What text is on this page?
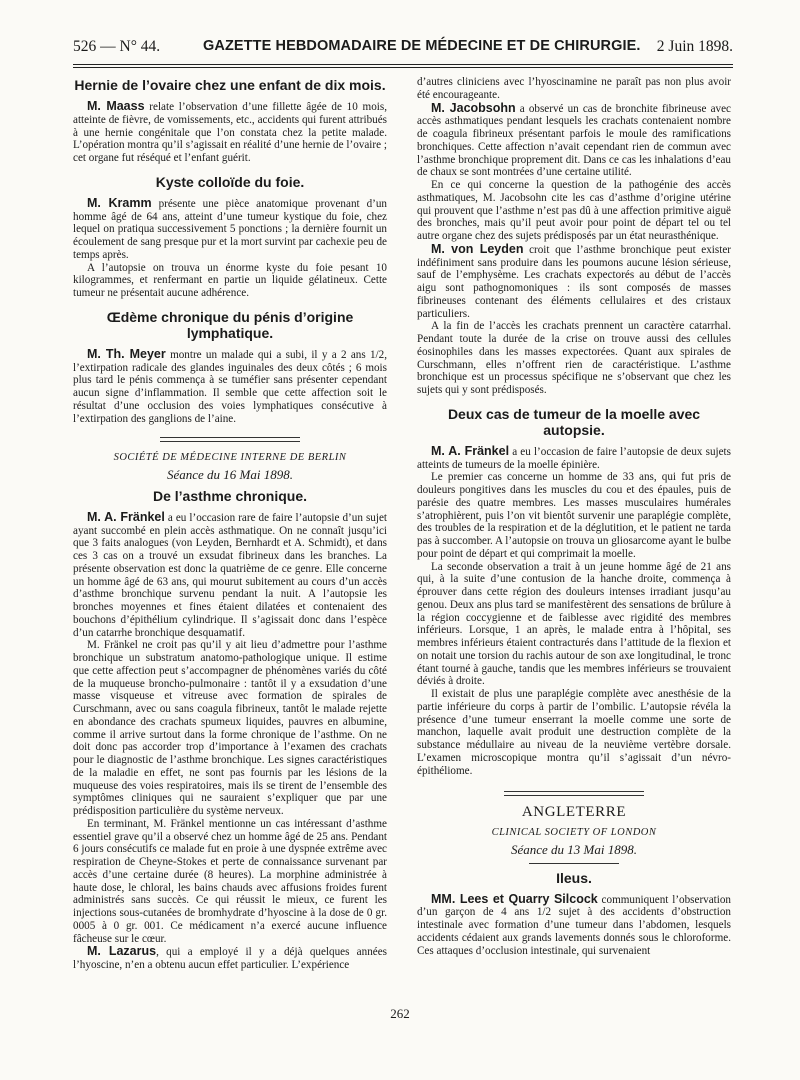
526 — N° 44.	GAZETTE HEBDOMADAIRE DE MÉDECINE ET DE CHIRURGIE. 2 Juin 1898.
Hernie de l’ovaire chez une enfant de dix mois.

M. Maass relate l’observation d’une fillette âgée de 10 mois, atteinte de fièvre, de vomissements, etc., accidents qui furent attribués à une hernie congénitale que l’on constata chez la petite malade. L’opération montra qu’il s’agissait en réalité d’une hernie de l’ovaire ; cet organe fut réséqué et l’enfant guérit.

Kyste colloïde du foie.

M. Kramm présente une pièce anatomique provenant d’un homme âgé de 64 ans, atteint d’une tumeur kystique du foie, chez lequel on pratiqua successivement 5 ponctions ; la dernière fournit un écoulement de sang presque pur et la mort survint par cachexie peu de temps après.

A l’autopsie on trouva un énorme kyste du foie pesant 10 kilogrammes, et renfermant en partie un liquide gélatineux. Cette tumeur ne présentait aucune adhérence.

Œdème chronique du pénis d’origine lymphatique.

M. Th. Meyer montre un malade qui a subi, il y a 2 ans 1/2, l’extirpation radicale des glandes inguinales des deux côtés ; 6 mois plus tard le pénis commença à se tuméfier sans présenter cependant aucun signe d’inflammation. Il semble que cette affection soit le résultat d’une occlusion des voies lymphatiques consécutive à l’extirpation des ganglions de l’aine.

SOCIÉTÉ DE MÉDECINE INTERNE DE BERLIN
Séance du 16 Mai 1898.
De l’asthme chronique.

M. A. Fränkel a eu l’occasion rare de faire l’autopsie d’un sujet ayant succombé en plein accès asthmatique. On ne connaît jusqu’ici que 3 faits analogues (von Leyden, Bernhardt et A. Schmidt), et dans ces 3 cas on a trouvé un exsudat fibrineux dans les branches. La présente observation est donc la quatrième de ce genre. Elle concerne un homme âgé de 63 ans, qui mourut subitement au cours d’un accès d’asthme bronchique survenu pendant la nuit. A l’autopsie les bronches moyennes et fines étaient dilatées et contenaient des bouchons d’épithélium cylindrique. Il s’agissait donc dans l’espèce d’un catarrhe bronchique desquamatif.

M. Fränkel ne croit pas qu’il y ait lieu d’admettre pour l’asthme bronchique un substratum anatomo-pathologique unique. Il estime que cette affection peut s’accompagner de phénomènes variés du côté de la muqueuse broncho-pulmonaire : tantôt il y a exsudation d’une masse visqueuse et vitreuse avec formation de spirales de Curschmann, avec ou sans coagula fibrineux, tantôt le malade rejette en abondance des crachats spumeux liquides, pauvres en albumine, comme il arrive surtout dans la forme chronique de l’asthme. On ne doit donc pas accorder trop d’importance à l’examen des crachats pour le diagnostic de l’asthme bronchique. Les signes caractéristiques de la maladie en effet, ne sont pas fournis par les lésions de la muqueuse des voies respiratoires, mais ils se tirent de l’ensemble des symptômes cliniques qui ne sauraient s’expliquer que par une prédisposition particulière du système nerveux.

En terminant, M. Fränkel mentionne un cas intéressant d’asthme essentiel grave qu’il a observé chez un homme âgé de 25 ans. Pendant 6 jours consécutifs ce malade fut en proie à une dyspnée extrême avec respiration de Cheyne-Stokes et perte de connaissance survenant par accès d’une certaine durée (8 heures). La morphine administrée à haute dose, le chloral, les bains chauds avec affusions froides furent administrés sans succès. Ce qui réussit le mieux, ce furent les injections sous-cutanées de bromhydrate d’hyoscine à la dose de 0 gr. 0005 à 0 gr. 001. Ce médicament n’a exercé aucune influence fâcheuse sur le cœur.

M. Lazarus, qui a employé il y a déjà quelques années l’hyoscine, n’en a obtenu aucun effet particulier. L’expérience

d’autres cliniciens avec l’hyoscinamine ne paraît pas non plus avoir été encourageante.

M. Jacobsohn a observé un cas de bronchite fibrineuse avec accès asthmatiques pendant lesquels les crachats contenaient nombre de coagula fibrineux présentant parfois le moule des ramifications bronchiques. Cette affection n’avait cependant rien de commun avec l’asthme bronchique proprement dit. Dans ce cas les inhalations d’eau de chaux se sont montrées d’une certaine utilité.

En ce qui concerne la question de la pathogénie des accès asthmatiques, M. Jacobsohn cite les cas d’asthme d’origine utérine qui prouvent que l’asthme n’est pas dû à une affection primitive aiguë des bronches, mais qu’il peut avoir pour point de départ tel ou tel autre organe chez des sujets prédisposés par un état neurasthénique.

M. von Leyden croit que l’asthme bronchique peut exister indéfiniment sans produire dans les poumons aucune lésion sérieuse, sauf de l’emphysème. Les crachats expectorés au début de l’accès aigu sont pathognomoniques : ils sont composés de masses fibrineuses contenant des éléments cellulaires et des cristaux particuliers.

A la fin de l’accès les crachats prennent un caractère catarrhal. Pendant toute la durée de la crise on trouve aussi des cellules éosinophiles dans les masses expectorées. Quant aux spirales de Curschmann, elles n’offrent rien de caractéristique. L’asthme bronchique est un processus spécifique ne s’observant que chez les sujets qui y sont prédisposés.

Deux cas de tumeur de la moelle avec autopsie.

M. A. Fränkel a eu l’occasion de faire l’autopsie de deux sujets atteints de tumeurs de la moelle épinière.

Le premier cas concerne un homme de 33 ans, qui fut pris de douleurs pongitives dans les muscles du cou et des épaules, puis de parésie des quatre membres. Les masses musculaires humérales s’atrophièrent, puis l’on vit bientôt survenir une paraplégie complète, des troubles de la respiration et de la déglutition, et le patient ne tarda pas à succomber. A l’autopsie on trouva un gliosarcome ayant le bulbe pour point de départ et qui comprimait la moelle.

La seconde observation a trait à un jeune homme âgé de 21 ans qui, à la suite d’une contusion de la hanche droite, commença à éprouver dans cette région des douleurs intenses irradiant jusqu’au genou. Deux ans plus tard se manifestèrent des sensations de brûlure à la région coccygienne et de faiblesse avec rigidité des membres inférieurs. Lorsque, 1 an après, le malade entra à l’hôpital, ses membres inférieurs étaient contracturés dans l’attitude de la flexion et on notait une torsion du rachis autour de son axe longitudinal, le tronc étant tourné à gauche, tandis que les membres inférieurs se trouvaient déviés à droite.

Il existait de plus une paraplégie complète avec anesthésie de la partie inférieure du corps à partir de l’ombilic. L’autopsie révéla la présence d’une tumeur enserrant la moelle comme une sorte de manchon, laquelle avait produit une destruction complète de la substance médullaire au niveau de la neuvième vertèbre dorsale. L’examen microscopique montra qu’il s’agissait d’un névro-épithéliome.

ANGLETERRE
CLINICAL SOCIETY OF LONDON
Séance du 13 Mai 1898.
Ileus.

MM. Lees et Quarry Silcock communiquent l’observation d’un garçon de 4 ans 1/2 sujet à des accidents d’obstruction intestinale avec formation d’une tumeur dans l’abdomen, lesquels accidents cédaient aux grands lavements donnés sous le chloroforme. Ces attaques d’occlusion intestinale, qui survenaient

262
